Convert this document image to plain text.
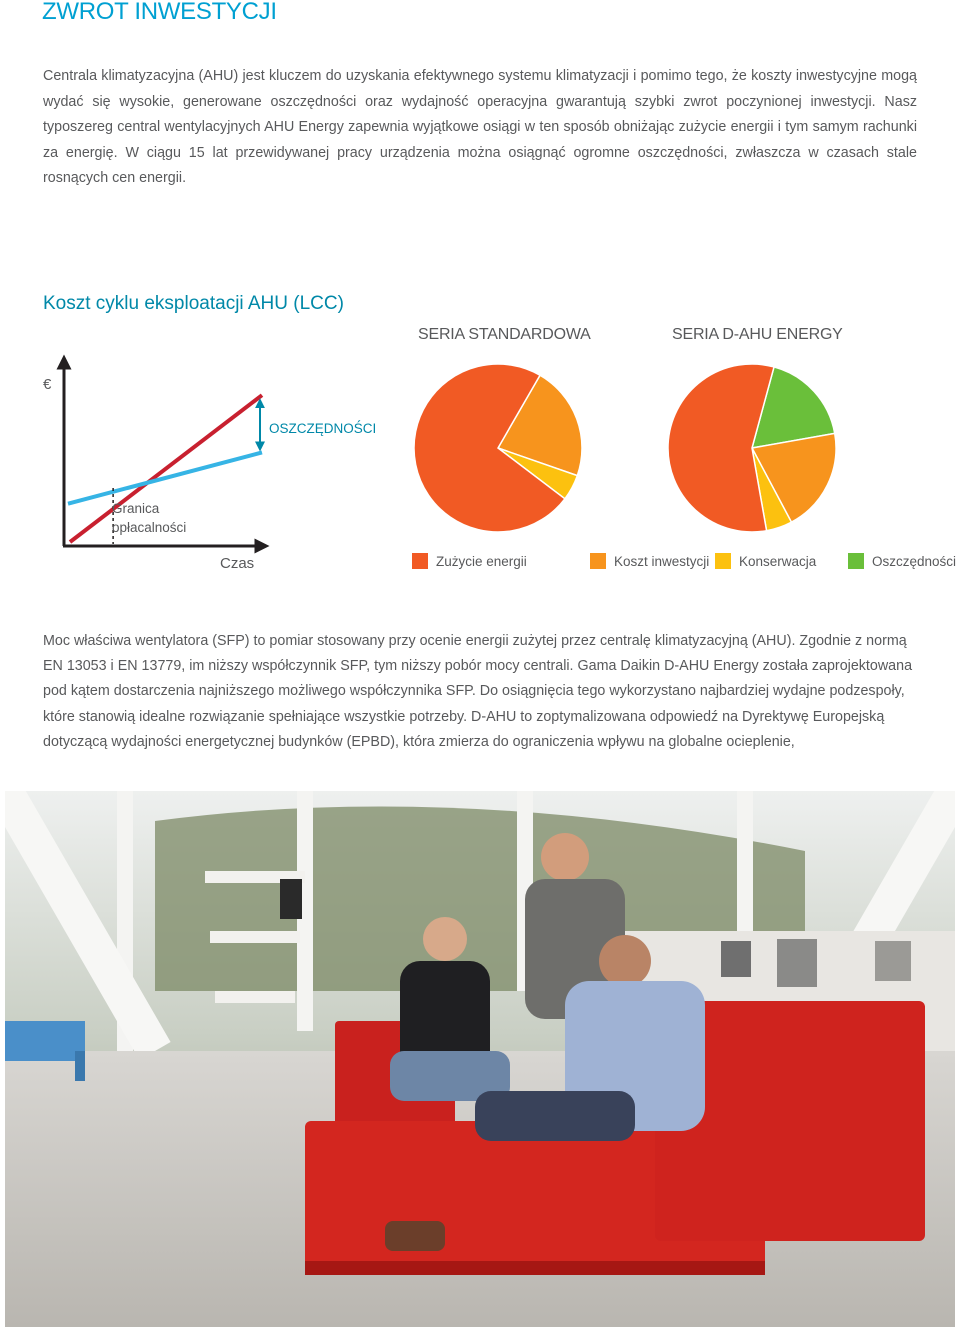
ZWROT INWESTYCJI

Centrala klimatyzacyjna (AHU) jest kluczem do uzyskania efektywnego systemu klimatyzacji i pomimo tego, że koszty inwestycyjne mogą wydać się wysokie, generowane oszczędności oraz wydajność operacyjna gwarantują szybki zwrot poczynionej inwestycji. Nasz typoszereg central wentylacyjnych AHU Energy zapewnia wyjątkowe osiągi w ten sposób obniżając zużycie energii i tym samym rachunki za energię. W ciągu 15 lat przewidywanej pracy urządzenia można osiągnąć ogromne oszczędności, zwłaszcza w czasach stale rosnących cen energii.

Koszt cyklu eksploatacji AHU (LCC)
SERIA STANDARDOWA	SERIA D-AHU ENERGY
€
Czas
OSZCZĘDNOŚCI
Granica
opłacalności
Zużycie energii	Koszt inwestycji Konserwacja	Oszczędności

Moc właściwa wentylatora (SFP) to pomiar stosowany przy ocenie energii zużytej przez centralę klimatyzacyjną (AHU). Zgodnie z normą EN 13053 i EN 13779, im niższy współczynnik SFP, tym niższy pobór mocy centrali. Gama Daikin D-AHU Energy została zaprojektowana pod kątem dostarczenia najniższego możliwego współczynnika SFP. Do osiągnięcia tego wykorzystano najbardziej wydajne podzespoły, które stanowią idealne rozwiązanie spełniające wszystkie potrzeby. D-AHU to zoptymalizowana odpowiedź na Dyrektywę Europejską dotyczącą wydajności energetycznej budynków (EPBD), która zmierza do ograniczenia wpływu na globalne ocieplenie,
